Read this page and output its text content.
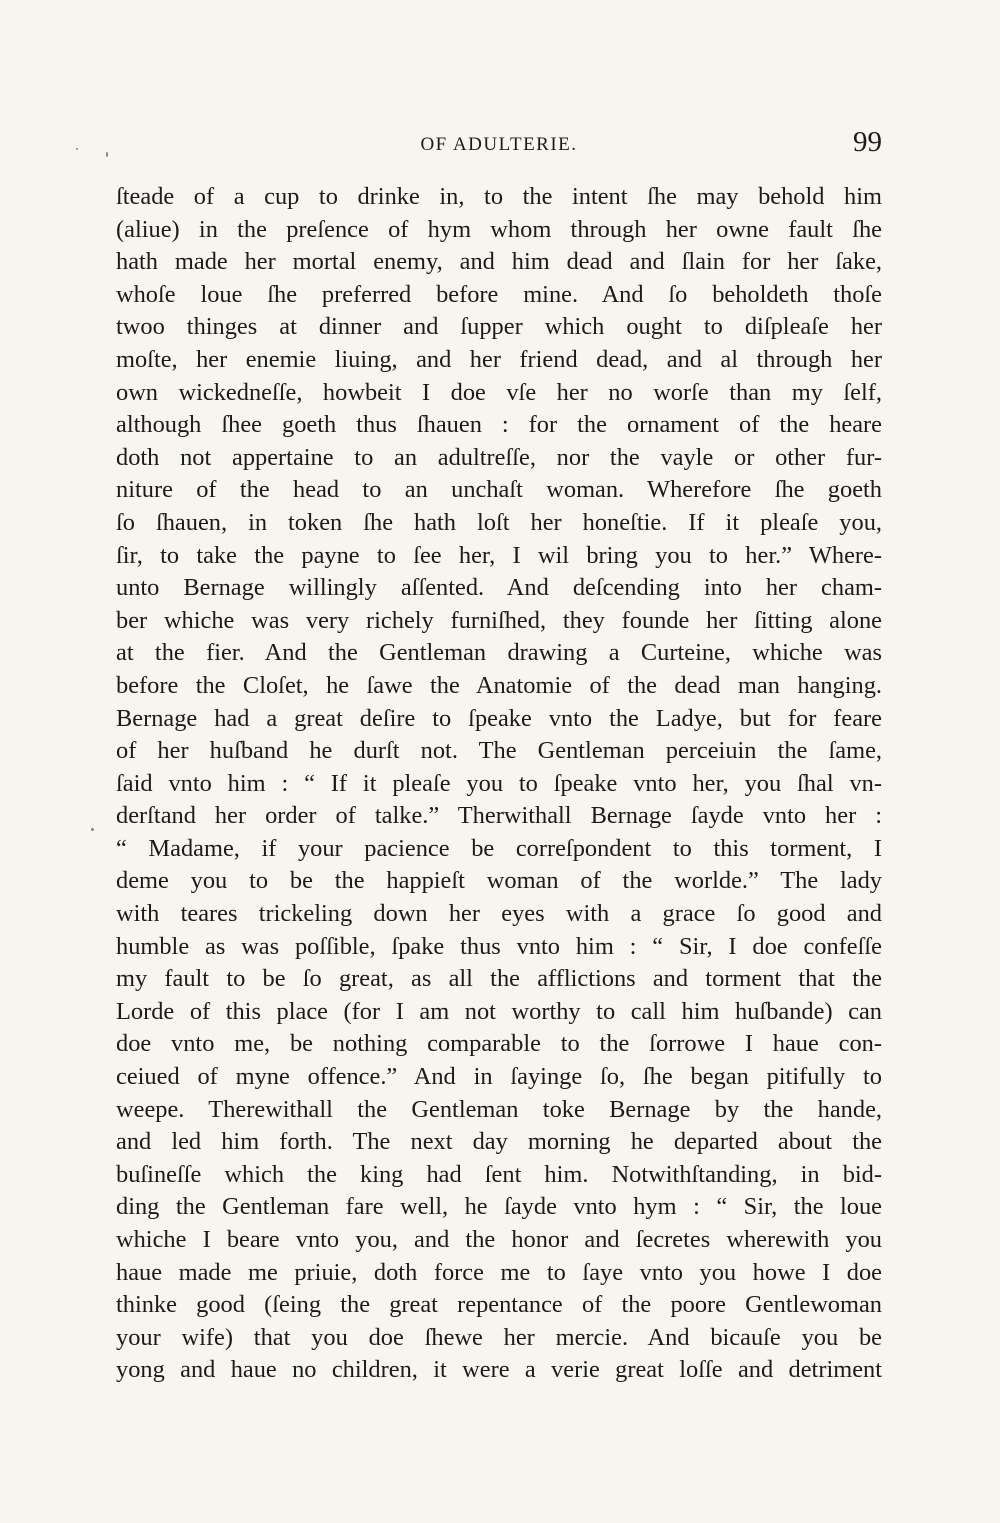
OF ADULTERIE.	99
ſteade of a cup to drinke in, to the intent ſhe may behold him
(aliue) in the preſence of hym whom through her owne fault ſhe
hath made her mortal enemy, and him dead and ſlain for her ſake,
whoſe loue ſhe preferred before mine. And ſo beholdeth thoſe
twoo thinges at dinner and ſupper which ought to diſpleaſe her
moſte, her enemie liuing, and her friend dead, and al through her
own wickedneſſe, howbeit I doe vſe her no worſe than my ſelf,
although ſhee goeth thus ſhauen : for the ornament of the heare
doth not appertaine to an adultreſſe, nor the vayle or other fur-
niture of the head to an unchaſt woman. Wherefore ſhe goeth
ſo ſhauen, in token ſhe hath loſt her honeſtie. If it pleaſe you,
ſir, to take the payne to ſee her, I wil bring you to her.” Where-
unto Bernage willingly aſſented. And deſcending into her cham-
ber whiche was very richely furniſhed, they founde her ſitting alone
at the fier. And the Gentleman drawing a Curteine, whiche was
before the Cloſet, he ſawe the Anatomie of the dead man hanging.
Bernage had a great deſire to ſpeake vnto the Ladye, but for feare
of her huſband he durſt not. The Gentleman perceiuin the ſame,
ſaid vnto him : “ If it pleaſe you to ſpeake vnto her, you ſhal vn-
derſtand her order of talke.” Therwithall Bernage ſayde vnto her :
“ Madame, if your pacience be correſpondent to this torment, I
deme you to be the happieſt woman of the worlde.” The lady
with teares trickeling down her eyes with a grace ſo good and
humble as was poſſible, ſpake thus vnto him : “ Sir, I doe confeſſe
my fault to be ſo great, as all the afflictions and torment that the
Lorde of this place (for I am not worthy to call him huſbande) can
doe vnto me, be nothing comparable to the ſorrowe I haue con-
ceiued of myne offence.” And in ſayinge ſo, ſhe began pitifully to
weepe. Therewithall the Gentleman toke Bernage by the hande,
and led him forth. The next day morning he departed about the
buſineſſe which the king had ſent him. Notwithſtanding, in bid-
ding the Gentleman fare well, he ſayde vnto hym : “ Sir, the loue
whiche I beare vnto you, and the honor and ſecretes wherewith you
haue made me priuie, doth force me to ſaye vnto you howe I doe
thinke good (ſeing the great repentance of the poore Gentlewoman
your wife) that you doe ſhewe her mercie. And bicauſe you be
yong and haue no children, it were a verie great loſſe and detriment
